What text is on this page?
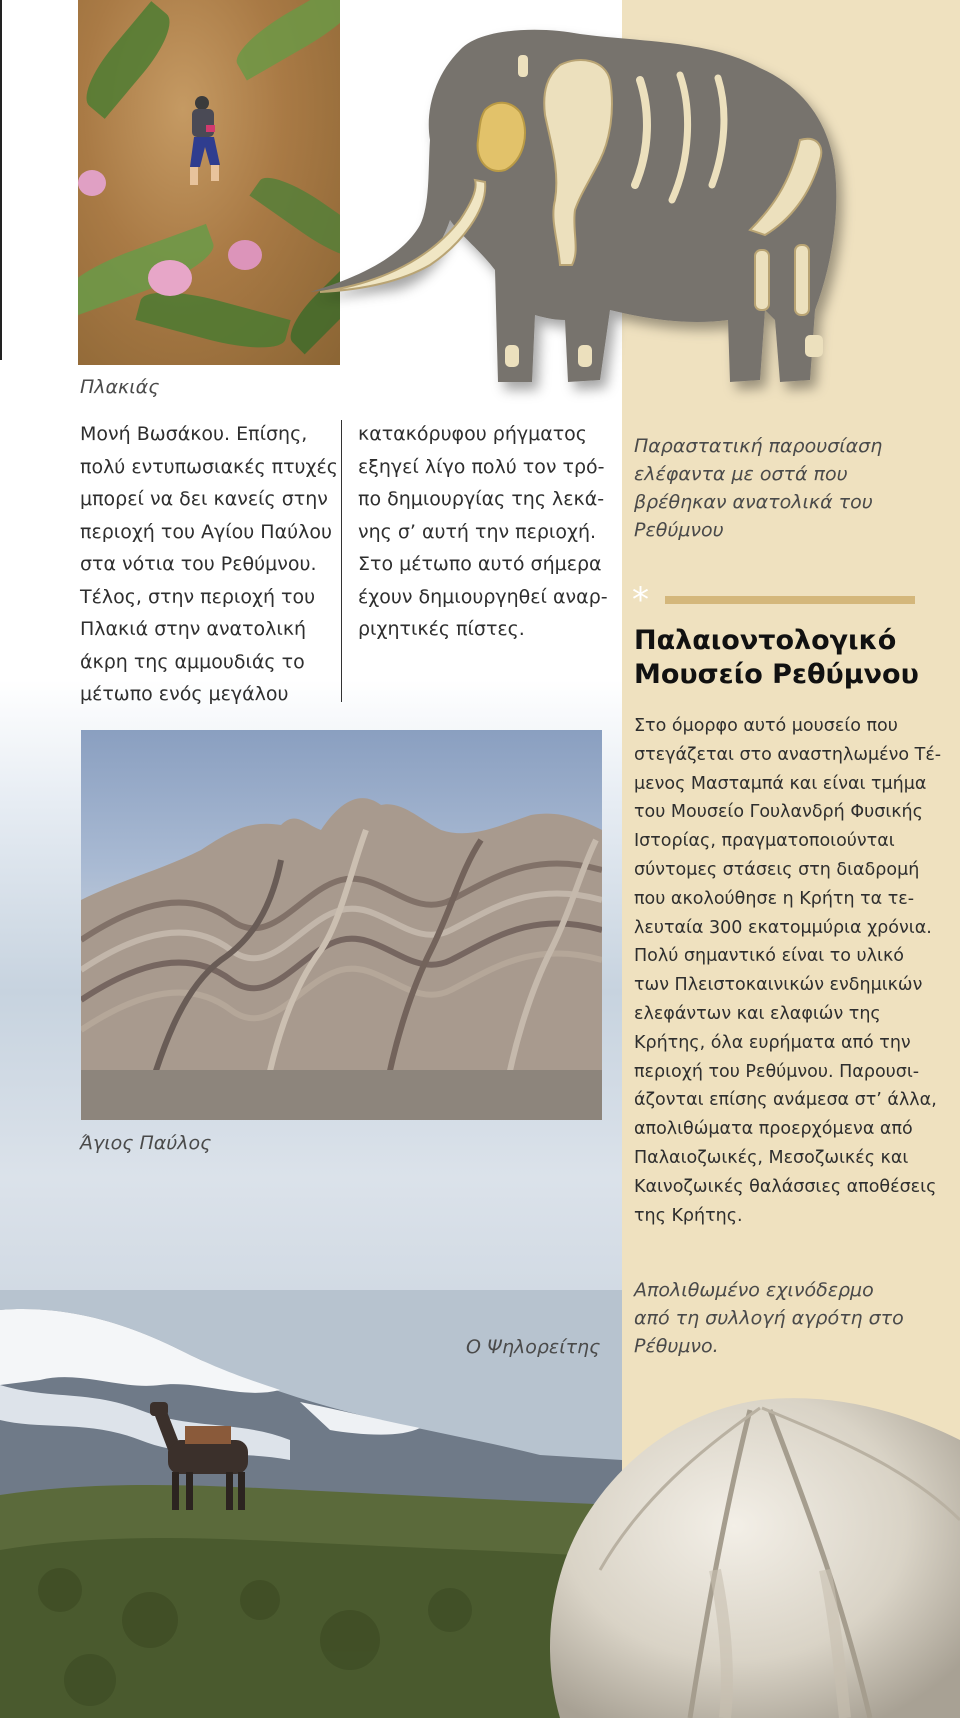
Πλακιάς
Μονή Βωσάκου. Επίσης,
πολύ εντυπωσιακές πτυχές
μπορεί να δει κανείς στην
περιοχή του Αγίου Παύλου
στα νότια του Ρεθύμνου.
Τέλος, στην περιοχή του
Πλακιά στην ανατολική
άκρη της αμμουδιάς το
μέτωπο ενός μεγάλου
κατακόρυφου ρήγματος
εξηγεί λίγο πολύ τον τρό-
πο δημιουργίας της λεκά-
νης σ’ αυτή την περιοχή.
Στο μέτωπο αυτό σήμερα
έχουν δημιουργηθεί αναρ-
ριχητικές πίστες.
Παραστατική παρουσίαση
ελέφαντα με οστά που
βρέθηκαν ανατολικά του
Ρεθύμνου
*
Παλαιοντολογικό
Μουσείο Ρεθύμνου
Στο όμορφο αυτό μουσείο που
στεγάζεται στο αναστηλωμένο Τέ-
μενος Μασταμπά και είναι τμήμα
του Μουσείο Γουλανδρή Φυσικής
Ιστορίας, πραγματοποιούνται
σύντομες στάσεις στη διαδρομή
που ακολούθησε η Κρήτη τα τε-
λευταία 300 εκατομμύρια χρόνια.
Πολύ σημαντικό είναι το υλικό
των Πλειστοκαινικών ενδημικών
ελεφάντων και ελαφιών της
Κρήτης, όλα ευρήματα από την
περιοχή του Ρεθύμνου. Παρουσι-
άζονται επίσης ανάμεσα στ’ άλλα,
απολιθώματα προερχόμενα από
Παλαιοζωικές, Μεσοζωικές και
Καινοζωικές θαλάσσιες αποθέσεις
της Κρήτης.
Άγιος Παύλος
Ο Ψηλορείτης
Απολιθωμένο εχινόδερμο
από τη συλλογή αγρότη στο
Ρέθυμνο.
